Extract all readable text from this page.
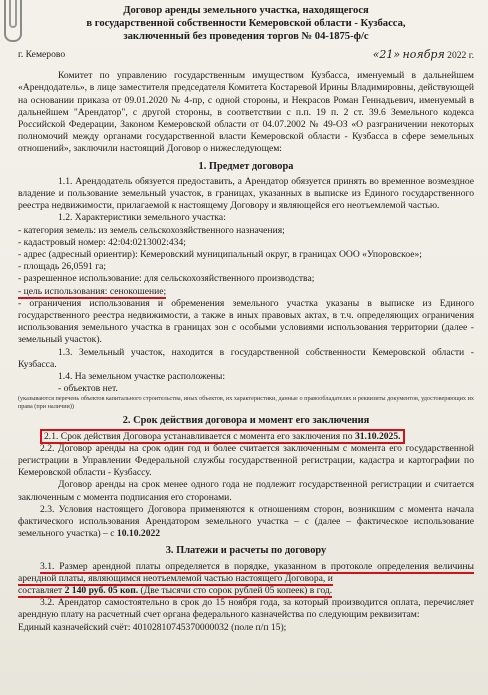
Договор аренды земельного участка, находящегося
в государственной собственности Кемеровской области - Кузбасса,
заключенный без проведения торгов № 04-1875-ф/с
г. Кемерово	«21» ноября 2022 г.

Комитет по управлению государственным имуществом Кузбасса, именуемый в дальнейшем «Арендодатель», в лице заместителя председателя Комитета Костаревой Ирины Владимировны, действующей на основании приказа от 09.01.2020 № 4-пр, с одной стороны, и Некрасов Роман Геннадьевич, именуемый в дальнейшем "Арендатор", с другой стороны, в соответствии с п.п. 19 п. 2 ст. 39.6 Земельного кодекса Российской Федерации, Законом Кемеровской области от 04.07.2002 № 49-ОЗ «О разграничении некоторых полномочий между органами государственной власти Кемеровской области - Кузбасса в сфере земельных отношений», заключили настоящий Договор о нижеследующем:

1. Предмет договора

1.1. Арендодатель обязуется предоставить, а Арендатор обязуется принять во временное возмездное владение и пользование земельный участок, в границах, указанных в выписке из Единого государственного реестра недвижимости, прилагаемой к настоящему Договору и являющейся его неотъемлемой частью.

1.2. Характеристики земельного участка:

- категория земель: из земель сельскохозяйственного назначения;

- кадастровый номер: 42:04:0213002:434;

- адрес (адресный ориентир): Кемеровский муниципальный округ, в границах ООО «Упоровское»;

- площадь 26,0591 га;

- разрешенное использование: для сельскохозяйственного производства;

- цель использования: сенокошение;

- ограничения использования и обременения земельного участка указаны в выписке из Единого государственного реестра недвижимости, а также в иных правовых актах, в т.ч. определяющих ограничения использования земельного участка в границах зон с особыми условиями использования территории (далее - земельный участок).

1.3. Земельный участок, находится в государственной собственности Кемеровской области - Кузбасса.

1.4. На земельном участке расположены:

- объектов нет.

(указываются перечень объектов капитального строительства, иных объектов, их характеристики, данные о правообладателях и реквизиты документов, удостоверяющих их права (при наличии))

2. Срок действия договора и момент его заключения

2.1. Срок действия Договора устанавливается с момента его заключения по 31.10.2025.

2.2. Договор аренды на срок один год и более считается заключенным с момента его государственной регистрации в Управлении Федеральной службы государственной регистрации, кадастра и картографии по Кемеровской области - Кузбассу.

Договор аренды на срок менее одного года не подлежит государственной регистрации и считается заключенным с момента подписания его сторонами.

2.3. Условия настоящего Договора применяются к отношениям сторон, возникшим с момента начала фактического использования Арендатором земельного участка – с (далее – фактическое использование земельного участка) – с 10.10.2022

3. Платежи и расчеты по договору

3.1. Размер арендной платы определяется в порядке, указанном в протоколе определения величины арендной платы, являющимся неотъемлемой частью настоящего Договора, и

составляет 2 140 руб. 05 коп. (Две тысячи сто сорок рублей 05 копеек) в год.

3.2. Арендатор самостоятельно в срок до 15 ноября года, за который производится оплата, перечисляет арендную плату на расчетный счет органа федерального казначейства по следующим реквизитам:

Единый казначейский счёт: 40102810745370000032 (поле п/п 15);
